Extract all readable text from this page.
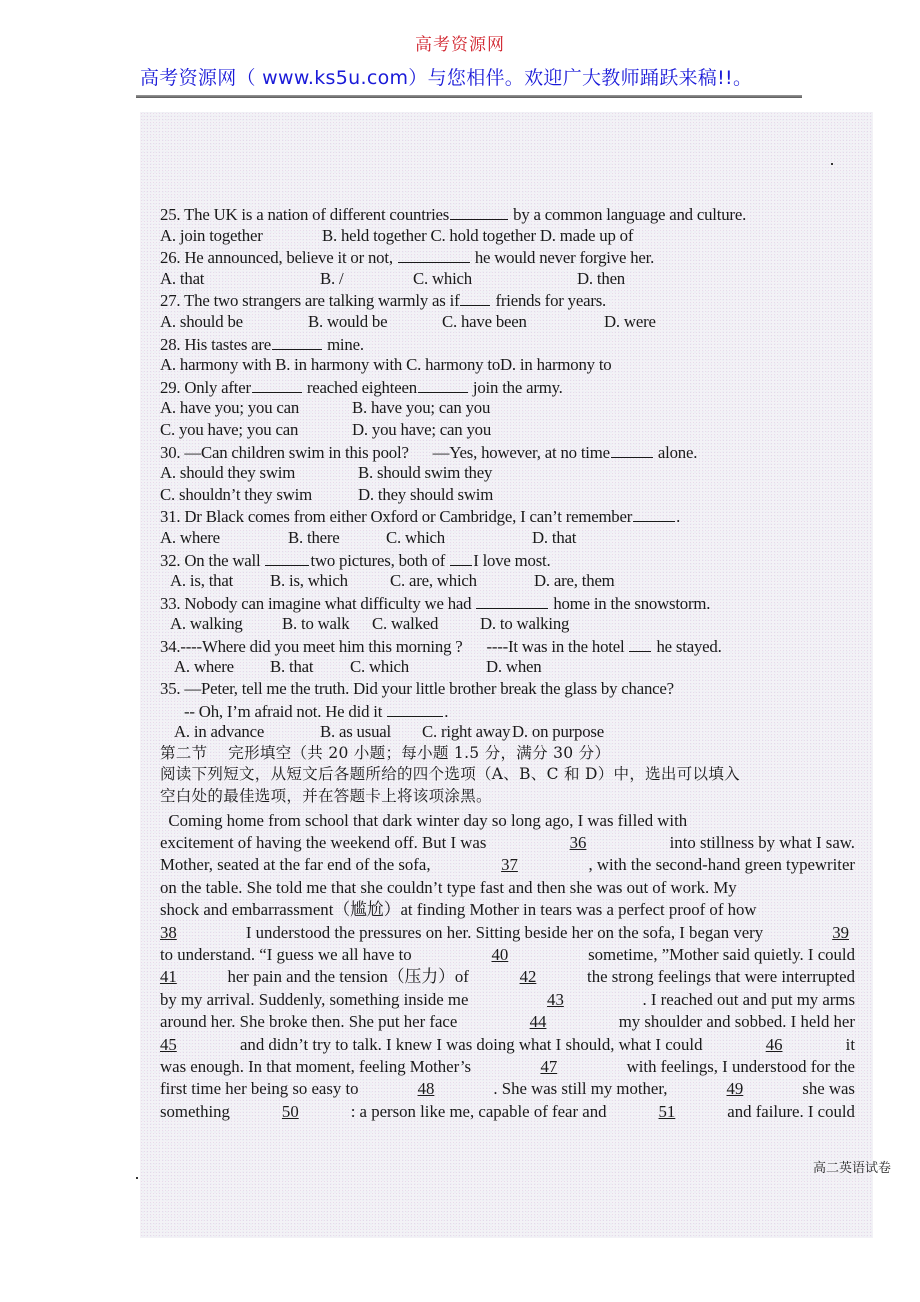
高考资源网
高考资源网（ www.ks5u.com）与您相伴。欢迎广大教师踊跃来稿!!。
25. The UK is a nation of different countries	by a common language and culture.
A. join together	B. held together C. hold together D. made up of
26. He announced, believe it or not,	he would never forgive her.
A. that	B. /	C. which	D. then
27. The two strangers are talking warmly as if friends for years.
A. should be	B. would be	C. have been	D. were
28. His tastes are	mine.
A. harmony with B. in harmony with C. harmony toD. in harmony to
29. Only after	reached eighteen	join the army.
A. have you; you can	B. have you; can you
C. you have; you can	D. you have; can you
30. —Can children swim in this pool?      —Yes, however, at no time	alone.
A. should they swim	B. should swim they
C. shouldn’t they swim	D. they should swim
31. Dr Black comes from either Oxford or Cambridge, I can’t remember	.
A. where	B. there	C. which	D. that
32. On the wall	two pictures, both of I love most.
A. is, that B. is, which	C. are, which	D. are, them
33. Nobody can imagine what difficulty we had	home in the snowstorm.
A. walking B. to walk C. walked D. to walking
34.----Where did you meet him this morning ?      ----It was in the hotel he stayed.
A. where B. that C. which	D. when
35. —Peter, tell me the truth. Did your little brother break the glass by chance?
-- Oh, I’m afraid not. He did it	.
A. in advance	B. as usual C. right away D. on purpose
第二节    完形填空（共 20 小题；每小题 1.5 分，满分 30 分）
阅读下列短文，从短文后各题所给的四个选项（A、B、C 和 D）中，选出可以填入
空白处的最佳选项，并在答题卡上将该项涂黑。
Coming home from school that dark winter day so long ago, I was filled with
excitement of having the weekend off. But I was	36	into stillness by what I saw.
Mother, seated at the far end of the sofa,	37	, with the second-hand green typewriter
on the table. She told me that she couldn’t type fast and then she was out of work. My
shock and embarrassment（尴尬）at finding Mother in tears was a perfect proof of how
38	I understood the pressures on her. Sitting beside her on the sofa, I began very	39
to understand. “I guess we all have to	40	sometime, ”Mother said quietly. I could
41	her pain and the tension（压力）of	42	the strong feelings that were interrupted
by my arrival. Suddenly, something inside me	43	. I reached out and put my arms
around her. She broke then. She put her face	44	my shoulder and sobbed. I held her
45	and didn’t try to talk. I knew I was doing what I should, what I could	46	it
was enough. In that moment, feeling Mother’s	47	with feelings, I understood for the
first time her being so easy to	48	. She was still my mother,	49	she was
something	50	: a person like me, capable of fear and	51	and failure. I could
高二英语试卷
